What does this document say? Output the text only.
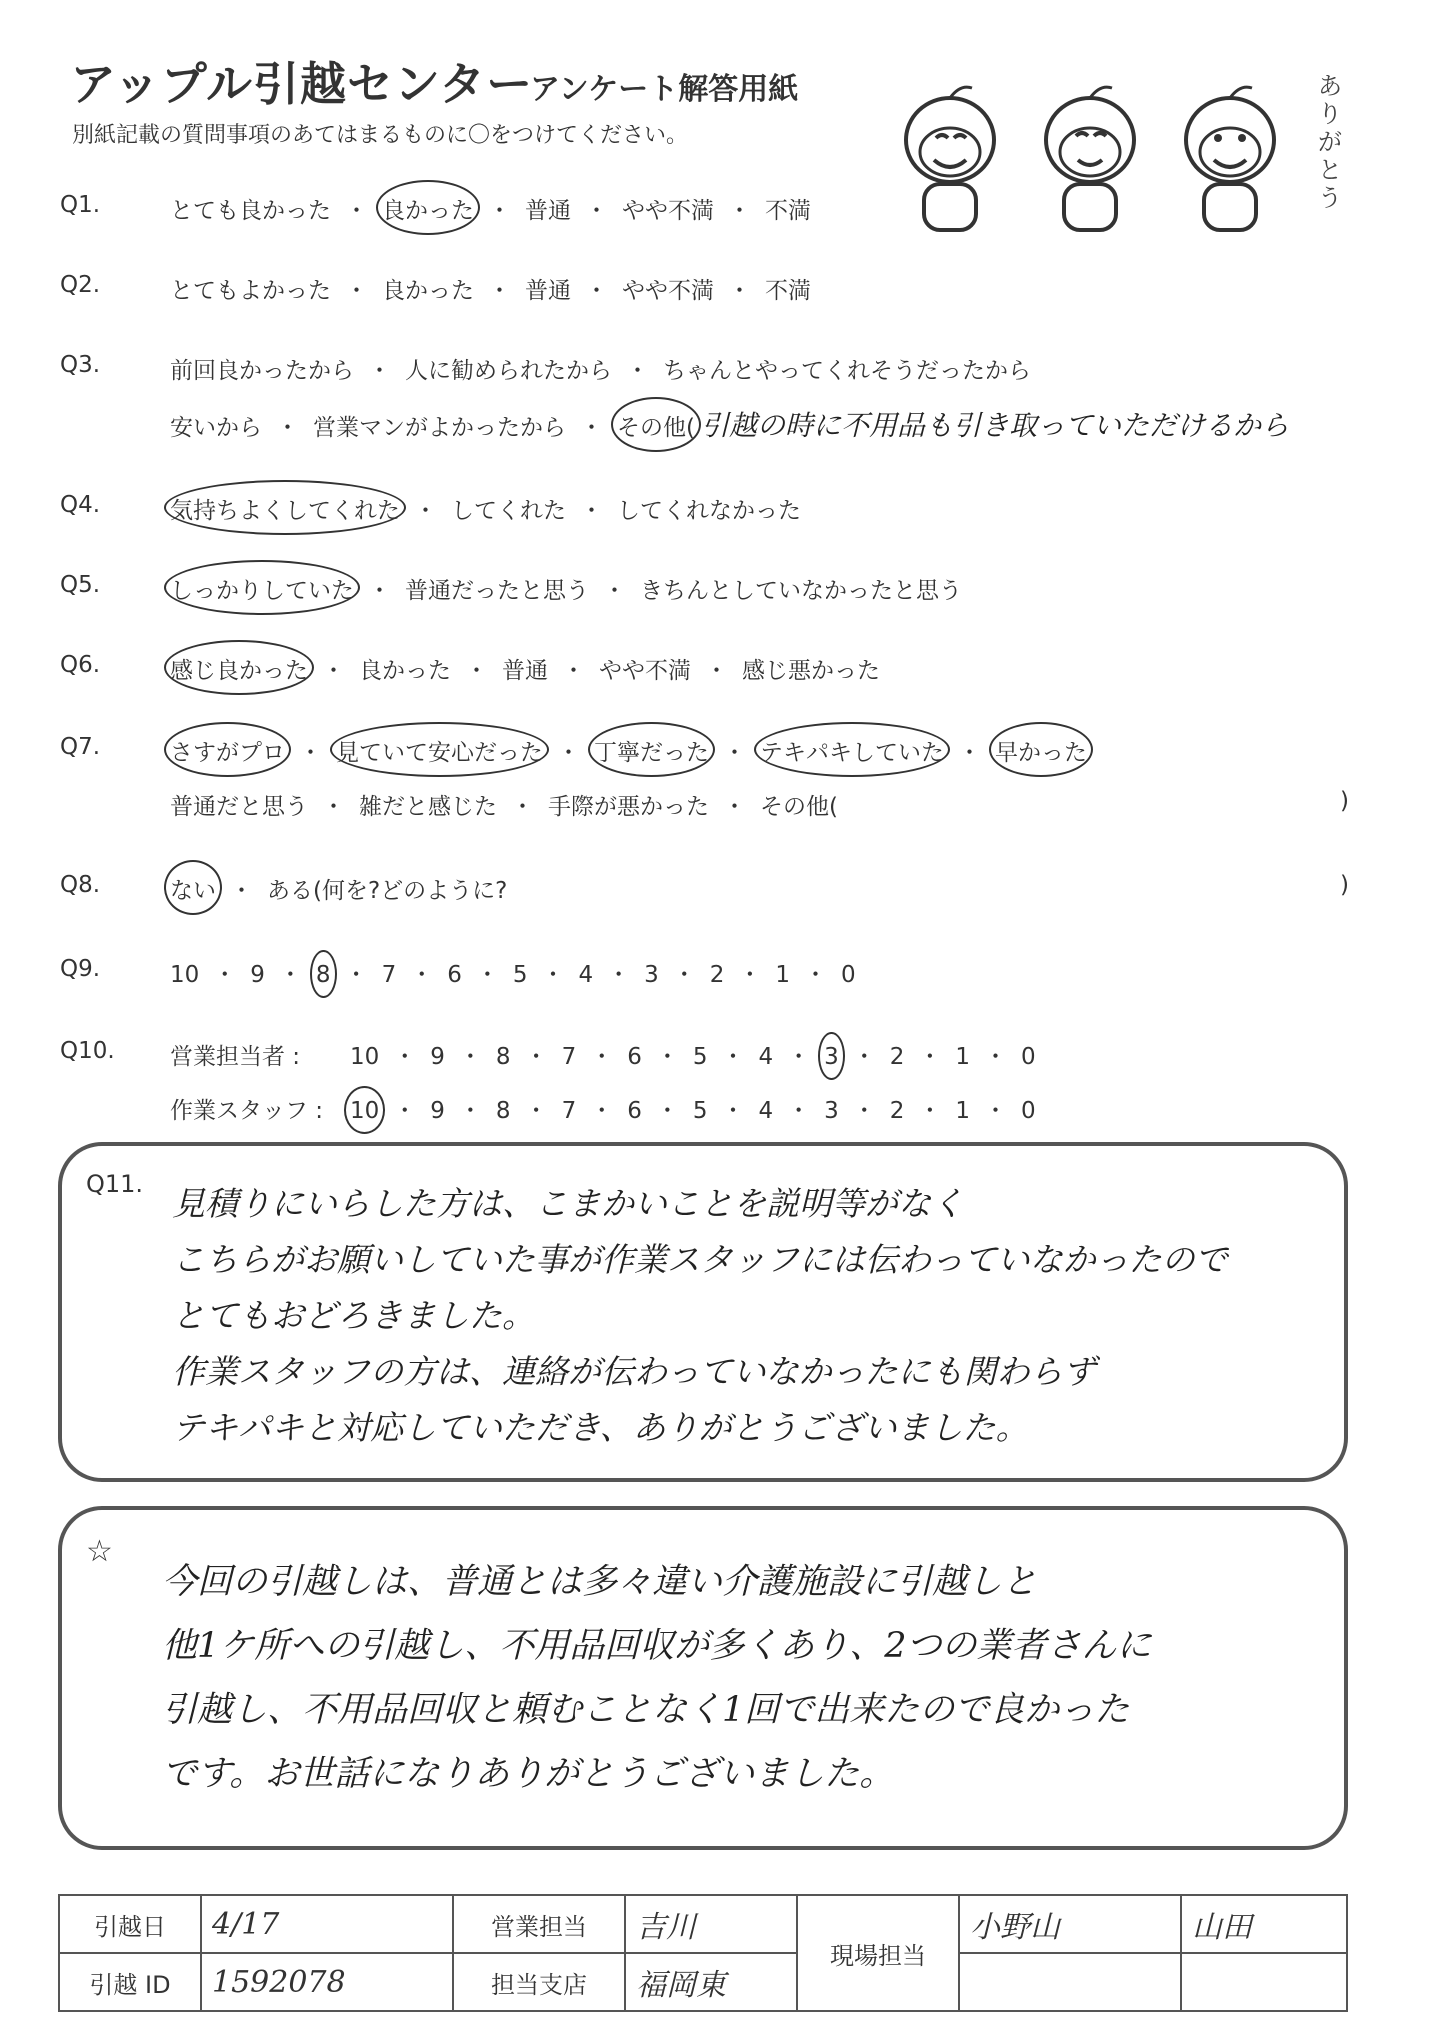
アップル引越センター
アンケート解答用紙
別紙記載の質問事項のあてはまるものに〇をつけてください。
ありがとう
Q1.	とても良かった ・ 良かった ・ 普通 ・ やや不満 ・ 不満
Q2.	とてもよかった ・ 良かった ・ 普通 ・ やや不満 ・ 不満
Q3.	前回良かったから ・ 人に勧められたから ・ ちゃんとやってくれそうだったから
安いから ・ 営業マンがよかったから ・ その他( 引越の時に不用品も引き取っていただけるから
Q4.	気持ちよくしてくれた ・ してくれた ・ してくれなかった
Q5.	しっかりしていた ・ 普通だったと思う ・ きちんとしていなかったと思う
Q6.	感じ良かった ・ 良かった ・ 普通 ・ やや不満 ・ 感じ悪かった
Q7.	さすがプロ ・ 見ていて安心だった ・ 丁寧だった ・ テキパキしていた ・ 早かった
普通だと思う ・ 雑だと感じた ・ 手際が悪かった ・ その他(	)
Q8.	ない ・ ある(何を?どのように?	)
Q9.	10 ・ 9 ・ 8 ・ 7 ・ 6 ・ 5 ・ 4 ・ 3 ・ 2 ・ 1 ・ 0
Q10.	営業担当者 : 10 ・ 9 ・ 8 ・ 7 ・ 6 ・ 5 ・ 4 ・ 3 ・ 2 ・ 1 ・ 0
作業スタッフ : 10 ・ 9 ・ 8 ・ 7 ・ 6 ・ 5 ・ 4 ・ 3 ・ 2 ・ 1 ・ 0
Q11. 見積りにいらした方は、こまかいことを説明等がなく
こちらがお願いしていた事が作業スタッフには伝わっていなかったので
とてもおどろきました。
作業スタッフの方は、連絡が伝わっていなかったにも関わらず
テキパキと対応していただき、ありがとうございました。
☆
今回の引越しは、普通とは多々違い介護施設に引越しと
他1ケ所への引越し、不用品回収が多くあり、2つの業者さんに
引越し、不用品回収と頼むことなく1回で出来たので良かった
です。お世話になりありがとうございました。
引越日	4/17	営業担当	吉川	現場担当	小野山	山田
引越 ID	1592078	担当支店	福岡東			
